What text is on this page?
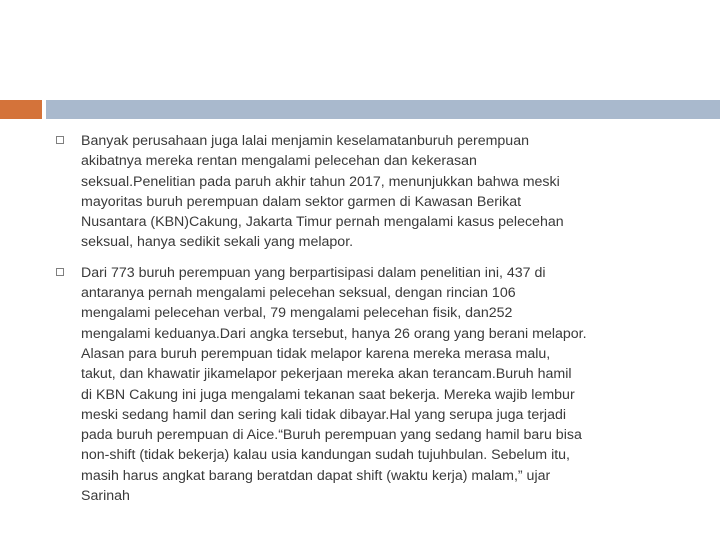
Banyak perusahaan juga lalai menjamin keselamatanburuh perempuan
akibatnya mereka rentan mengalami pelecehan dan kekerasan
seksual.Penelitian pada paruh akhir tahun 2017, menunjukkan bahwa meski
mayoritas buruh perempuan dalam sektor garmen di Kawasan Berikat
Nusantara (KBN)Cakung, Jakarta Timur pernah mengalami kasus pelecehan
seksual, hanya sedikit sekali yang melapor.

Dari 773 buruh perempuan yang berpartisipasi dalam penelitian ini, 437 di
antaranya pernah mengalami pelecehan seksual, dengan rincian 106
mengalami pelecehan verbal, 79 mengalami pelecehan fisik, dan252
mengalami keduanya.Dari angka tersebut, hanya 26 orang yang berani melapor.
Alasan para buruh perempuan tidak melapor karena mereka merasa malu,
takut, dan khawatir jikamelapor pekerjaan mereka akan terancam.Buruh hamil
di KBN Cakung ini juga mengalami tekanan saat bekerja. Mereka wajib lembur
meski sedang hamil dan sering kali tidak dibayar.Hal yang serupa juga terjadi
pada buruh perempuan di Aice.“Buruh perempuan yang sedang hamil baru bisa
non-shift (tidak bekerja) kalau usia kandungan sudah tujuhbulan. Sebelum itu,
masih harus angkat barang beratdan dapat shift (waktu kerja) malam,” ujar
Sarinah
